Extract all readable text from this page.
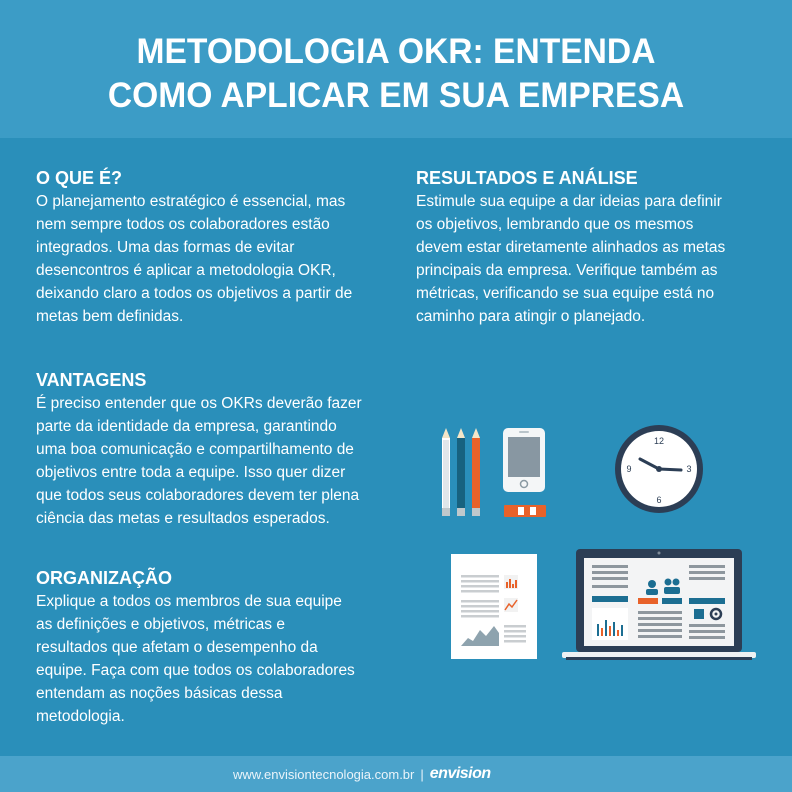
METODOLOGIA OKR: ENTENDA
COMO APLICAR EM SUA EMPRESA
O QUE É?
O planejamento estratégico é essencial, mas
nem sempre todos os colaboradores estão
integrados. Uma das formas de evitar
desencontros é aplicar a metodologia OKR,
deixando claro a todos os objetivos a partir de
metas bem definidas.
RESULTADOS E ANÁLISE
Estimule sua equipe a dar ideias para definir
os objetivos, lembrando que os mesmos
devem estar diretamente alinhados as metas
principais da empresa. Verifique também as
métricas, verificando se sua equipe está no
caminho para atingir o planejado.
VANTAGENS
É preciso entender que os OKRs deverão fazer
parte da identidade da empresa, garantindo
uma boa comunicação e compartilhamento de
objetivos entre toda a equipe. Isso quer dizer
que todos seus colaboradores devem ter plena
ciência das metas e resultados esperados.
ORGANIZAÇÃO
Explique a todos os membros de sua equipe
as definições e objetivos, métricas e
resultados que afetam o desempenho da
equipe. Faça com que todos os colaboradores
entendam as noções básicas dessa
metodologia.
12
3
6
9
www.envisiontecnologia.com.br | envision
